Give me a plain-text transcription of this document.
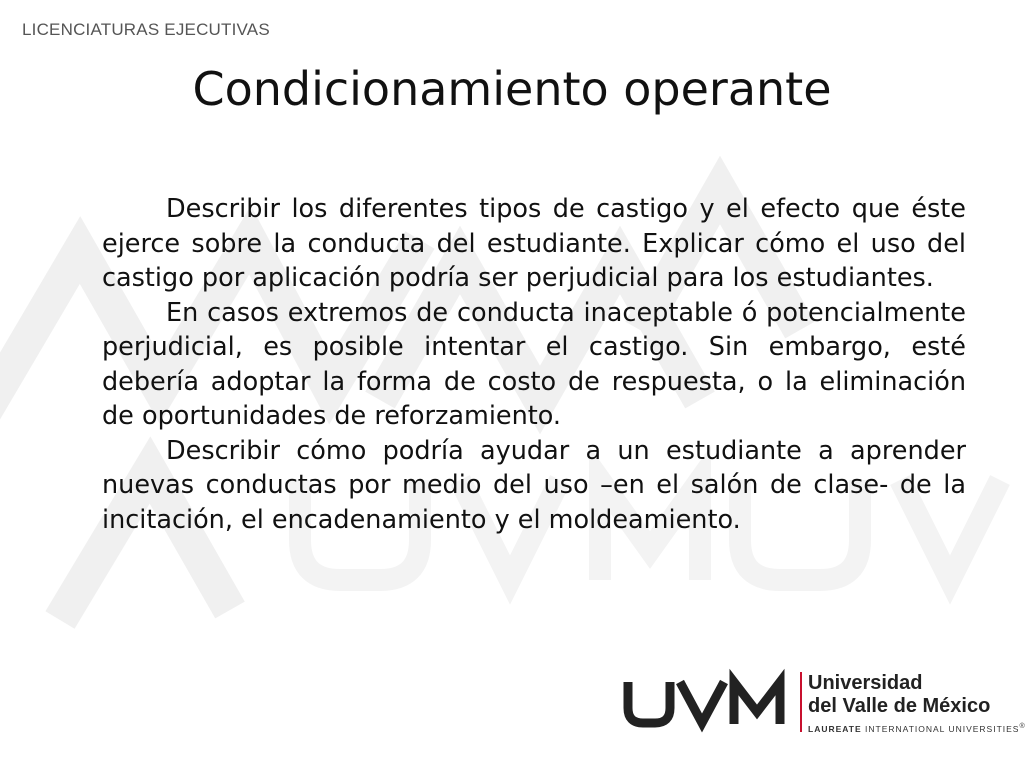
LICENCIATURAS EJECUTIVAS
Condicionamiento operante

Describir los diferentes tipos de castigo y el efecto que éste ejerce sobre la conducta del estudiante. Explicar cómo el uso del castigo por aplicación podría ser perjudicial para los estudiantes.

En casos extremos de conducta inaceptable ó potencialmente perjudicial, es posible intentar el castigo. Sin embargo, esté debería adoptar la forma de costo de respuesta, o la eliminación de oportunidades de reforzamiento.

Describir cómo podría ayudar a un estudiante a aprender nuevas conductas por medio del uso –en el salón de clase- de la incitación, el encadenamiento y el moldeamiento.

Universidad
del Valle de México
LAUREATE INTERNATIONAL UNIVERSITIES®
